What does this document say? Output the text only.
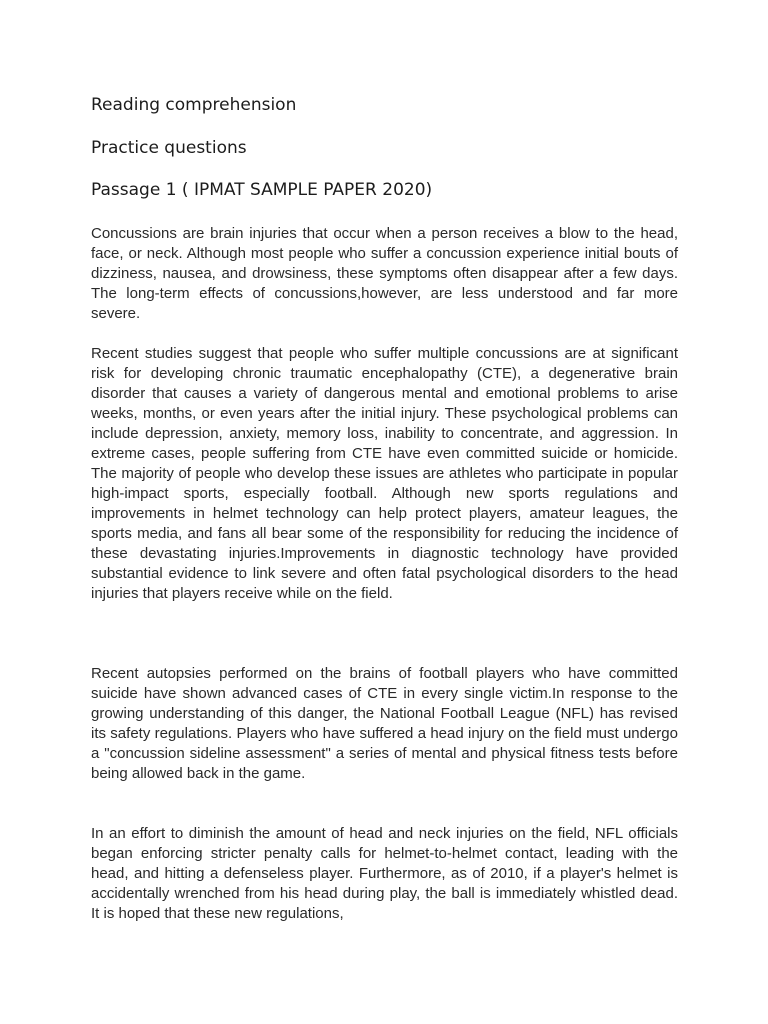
Reading comprehension
Practice questions
Passage 1 ( IPMAT SAMPLE PAPER 2020)

Concussions are brain injuries that occur when a person receives a blow to the head, face, or neck. Although most people who suffer a concussion experience initial bouts of dizziness, nausea, and drowsiness, these symptoms often disappear after a few days. The long-term effects of concussions,however, are less understood and far more severe.

Recent studies suggest that people who suffer multiple concussions are at significant risk for developing chronic traumatic encephalopathy (CTE), a degenerative brain disorder that causes a variety of dangerous mental and emotional problems to arise weeks, months, or even years after the initial injury. These psychological problems can include depression, anxiety, memory loss, inability to concentrate, and aggression. In extreme cases, people suffering from CTE have even committed suicide or homicide. The majority of people who develop these issues are athletes who participate in popular high-impact sports, especially football. Although new sports regulations and improvements in helmet technology can help protect players, amateur leagues, the sports media, and fans all bear some of the responsibility for reducing the incidence of these devastating injuries.Improvements in diagnostic technology have provided substantial evidence to link severe and often fatal psychological disorders to the head injuries that players receive while on the field.

Recent autopsies performed on the brains of football players who have committed suicide have shown advanced cases of CTE in every single victim.In response to the growing understanding of this danger, the National Football League (NFL) has revised its safety regulations. Players who have suffered a head injury on the field must undergo a "concussion sideline assessment" a series of mental and physical fitness tests before being allowed back in the game.

In an effort to diminish the amount of head and neck injuries on the field, NFL officials began enforcing stricter penalty calls for helmet-to-helmet contact, leading with the head, and hitting a defenseless player. Furthermore, as of 2010, if a player's helmet is accidentally wrenched from his head during play, the ball is immediately whistled dead. It is hoped that these new regulations,
